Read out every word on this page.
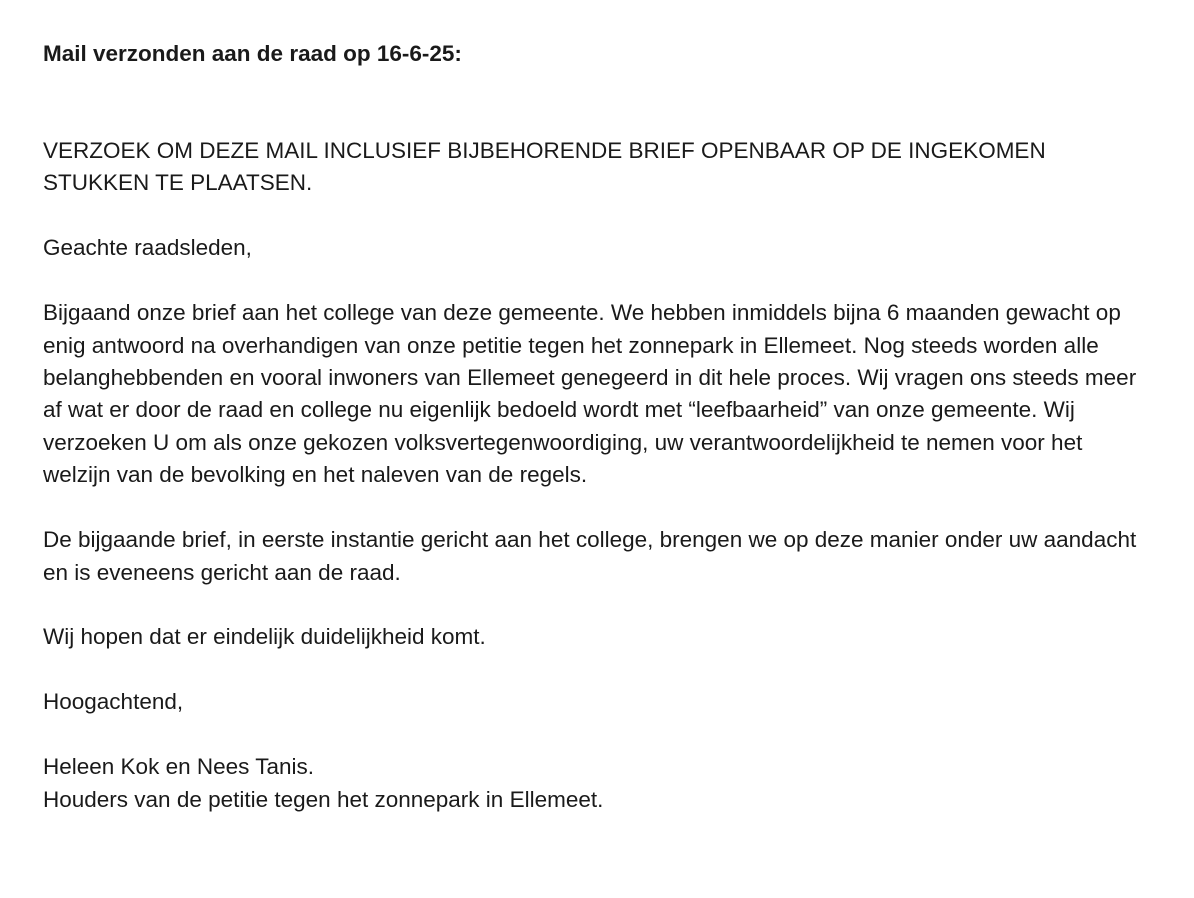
Mail verzonden aan de raad op 16-6-25:

VERZOEK OM DEZE MAIL INCLUSIEF BIJBEHORENDE BRIEF OPENBAAR OP DE INGEKOMEN STUKKEN TE PLAATSEN.

Geachte raadsleden,

Bijgaand onze brief aan het college van deze gemeente. We hebben inmiddels bijna 6 maanden gewacht op enig antwoord na overhandigen van onze petitie tegen het zonnepark in Ellemeet. Nog steeds worden alle belanghebbenden en vooral inwoners van Ellemeet genegeerd in dit hele proces. Wij vragen ons steeds meer af wat er door de raad en college nu eigenlijk bedoeld wordt met “leefbaarheid” van onze gemeente. Wij verzoeken U om als onze gekozen volksvertegenwoordiging, uw verantwoordelijkheid te nemen voor het welzijn van de bevolking en het naleven van de regels.

De bijgaande brief, in eerste instantie gericht aan het college, brengen we op deze manier onder uw aandacht en is eveneens gericht aan de raad.

Wij hopen dat er eindelijk duidelijkheid komt.

Hoogachtend,

Heleen Kok en Nees Tanis.

Houders van de petitie tegen het zonnepark in Ellemeet.
